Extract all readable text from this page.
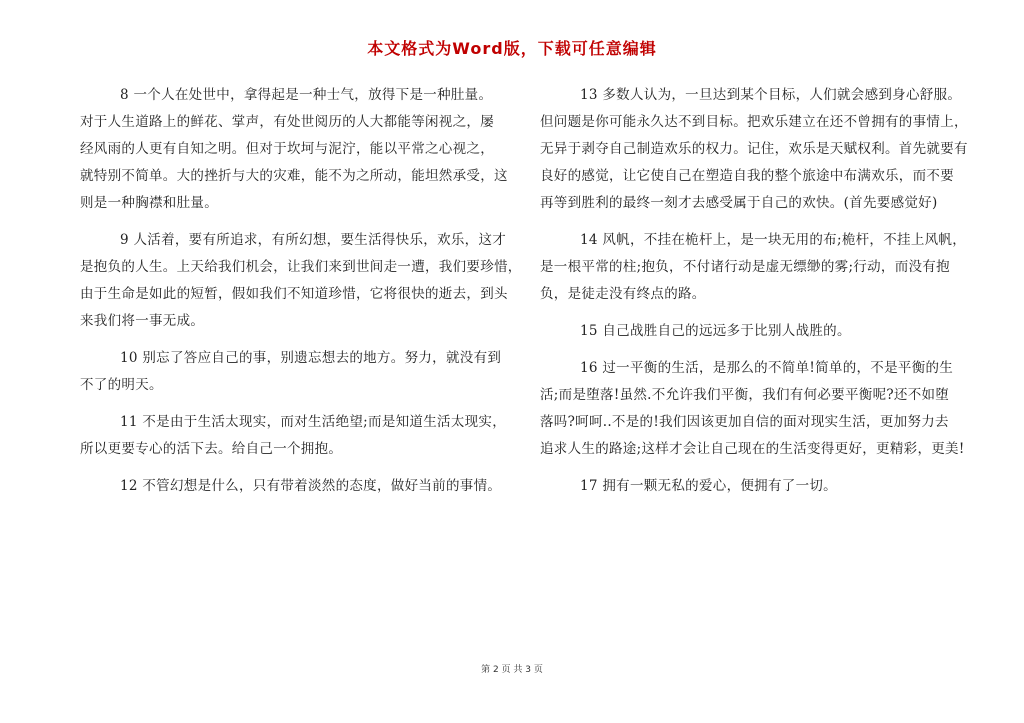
本文格式为Word版，下载可任意编辑
8 一个人在处世中，拿得起是一种士气，放得下是一种肚量。
对于人生道路上的鲜花、掌声，有处世阅历的人大都能等闲视之，屡
经风雨的人更有自知之明。但对于坎坷与泥泞，能以平常之心视之，
就特别不简单。大的挫折与大的灾难，能不为之所动，能坦然承受，这
则是一种胸襟和肚量。
9 人活着，要有所追求，有所幻想，要生活得快乐，欢乐，这才
是抱负的人生。上天给我们机会，让我们来到世间走一遭，我们要珍惜，
由于生命是如此的短暂，假如我们不知道珍惜，它将很快的逝去，到头
来我们将一事无成。
10 别忘了答应自己的事，别遗忘想去的地方。努力，就没有到
不了的明天。
11 不是由于生活太现实，而对生活绝望;而是知道生活太现实，
所以更要专心的活下去。给自己一个拥抱。
12 不管幻想是什么，只有带着淡然的态度，做好当前的事情。
13 多数人认为，一旦达到某个目标，人们就会感到身心舒服。
但问题是你可能永久达不到目标。把欢乐建立在还不曾拥有的事情上，
无异于剥夺自己制造欢乐的权力。记住，欢乐是天赋权利。首先就要有
良好的感觉，让它使自己在塑造自我的整个旅途中布满欢乐，而不要
再等到胜利的最终一刻才去感受属于自己的欢快。(首先要感觉好)
14 风帆，不挂在桅杆上，是一块无用的布;桅杆，不挂上风帆，
是一根平常的柱;抱负，不付诸行动是虚无缥缈的雾;行动，而没有抱
负，是徒走没有终点的路。
15 自己战胜自己的远远多于比别人战胜的。
16 过一平衡的生活，是那么的不简单!简单的，不是平衡的生
活;而是堕落!虽然.不允许我们平衡，我们有何必要平衡呢?还不如堕
落吗?呵呵..不是的!我们因该更加自信的面对现实生活，更加努力去
追求人生的路途;这样才会让自己现在的生活变得更好，更精彩，更美!
17 拥有一颗无私的爱心，便拥有了一切。
第 2 页 共 3 页
